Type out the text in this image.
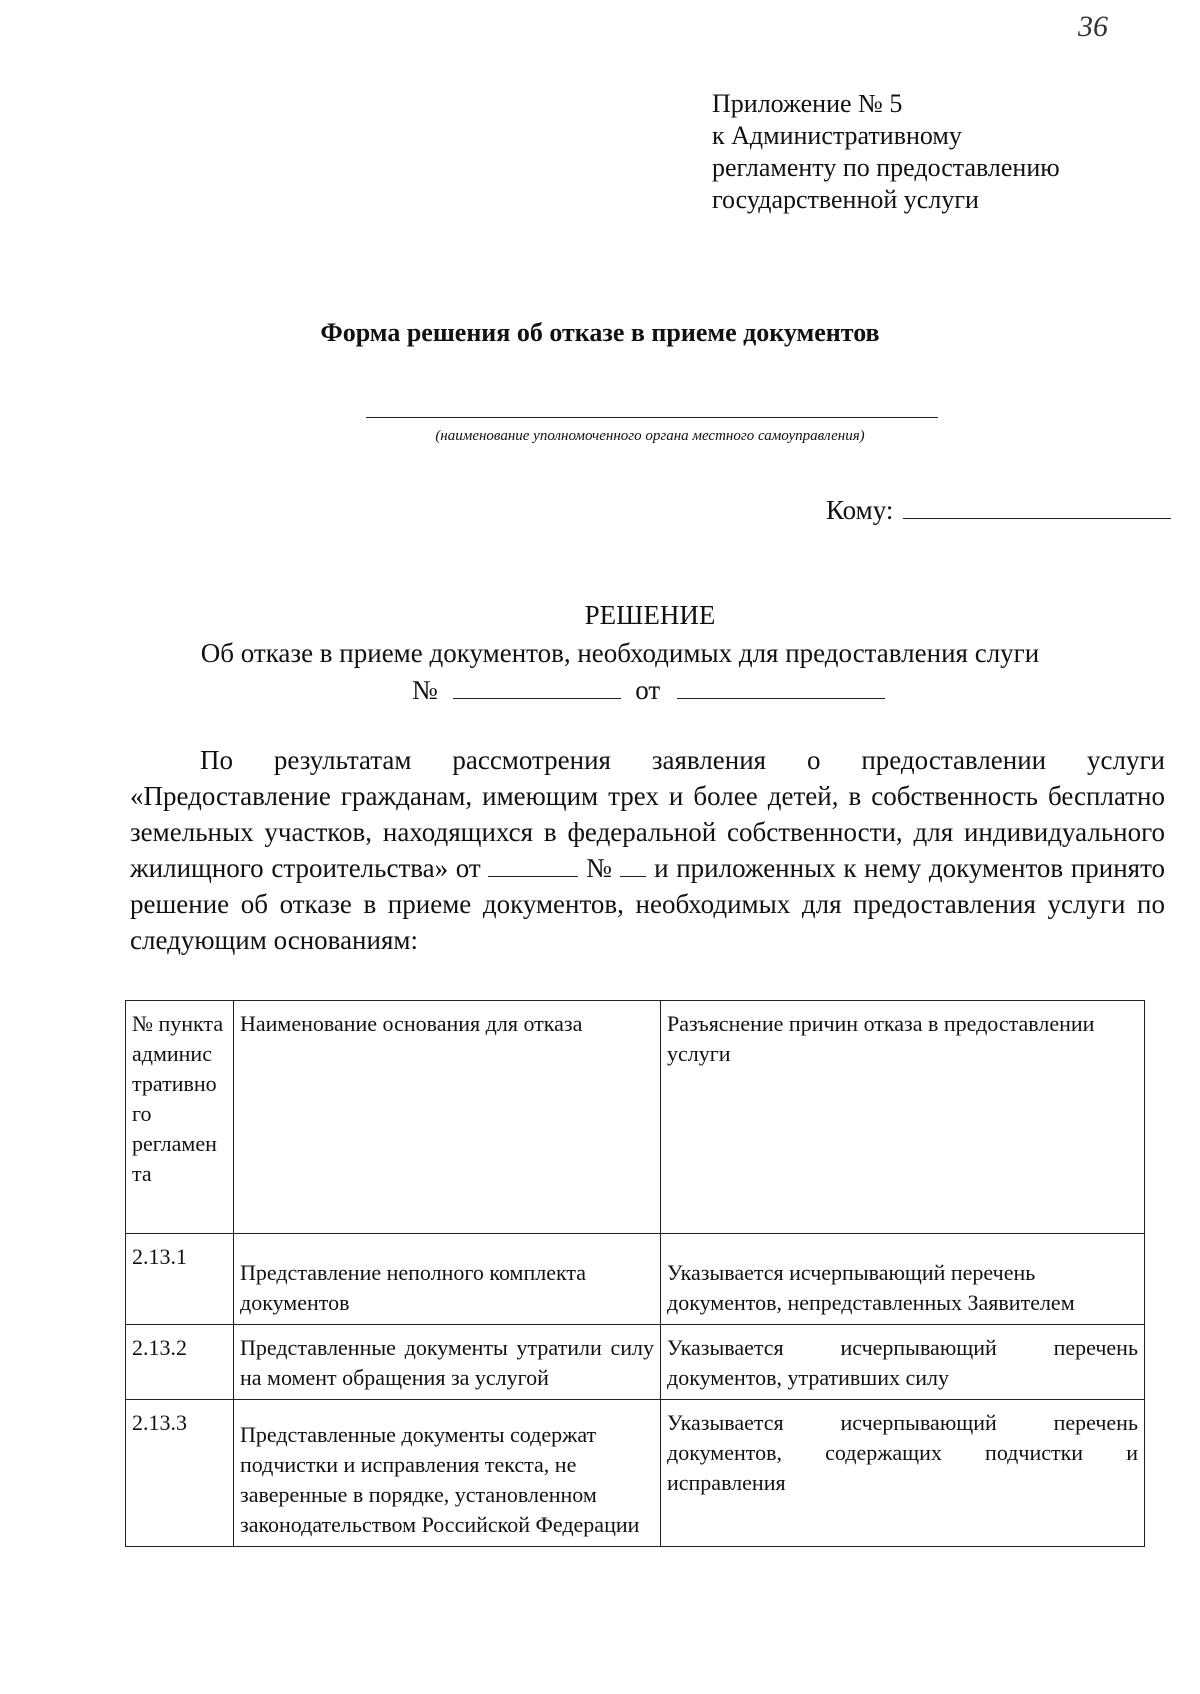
36
Приложение № 5
к Административному
регламенту по предоставлению
государственной услуги
Форма решения об отказе в приеме документов
(наименование уполномоченного органа местного самоуправления)
Кому:
РЕШЕНИЕ
Об отказе в приеме документов, необходимых для предоставления слуги
№	от
По результатам рассмотрения заявления о предоставлении услуги «Предоставление гражданам, имеющим трех и более детей, в собственность бесплатно земельных участков, находящихся в федеральной собственности, для индивидуального жилищного строительства» от	№ и приложенных к нему документов принято решение об отказе в приеме документов, необходимых для предоставления услуги по следующим основаниям:
№ пункта админис тративно го регламен та	Наименование основания для отказа	Разъяснение причин отказа в предоставлении услуги
2.13.1	Представление неполного комплекта документов	Указывается исчерпывающий перечень документов, непредставленных Заявителем
2.13.2	Представленные документы утратили силу на момент обращения за услугой	Указывается исчерпывающий перечень документов, утративших силу
2.13.3	Представленные документы содержат подчистки и исправления текста, не заверенные в порядке, установленном законодательством Российской Федерации	Указывается исчерпывающий перечень документов, содержащих подчистки и исправления
